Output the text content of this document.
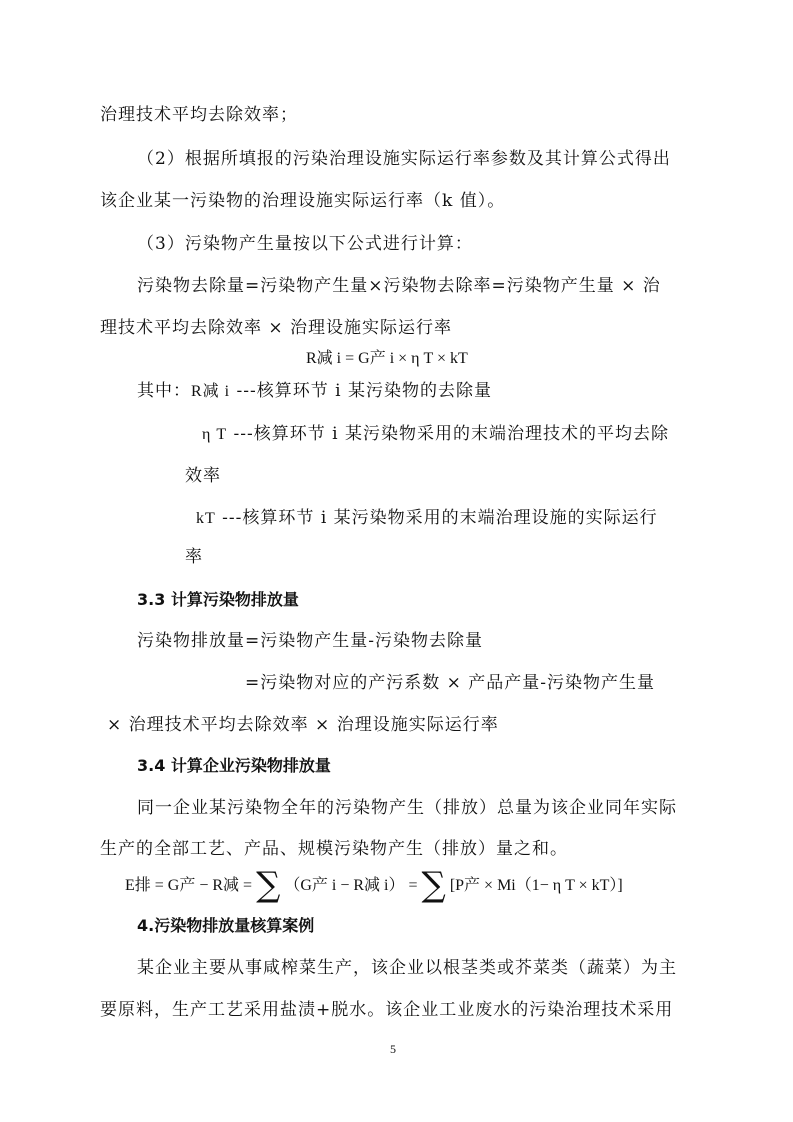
治理技术平均去除效率；
（2）根据所填报的污染治理设施实际运行率参数及其计算公式得出
该企业某一污染物的治理设施实际运行率（k 值）。
（3）污染物产生量按以下公式进行计算：
污染物去除量=污染物产生量×污染物去除率=污染物产生量 × 治
理技术平均去除效率 × 治理设施实际运行率
R减 i = G产 i × η T × kT
其中：R减 i ---核算环节 i 某污染物的去除量
η T ---核算环节 i 某污染物采用的末端治理技术的平均去除
效率
kT ---核算环节 i 某污染物采用的末端治理设施的实际运行
率
3.3 计算污染物排放量
污染物排放量=污染物产生量-污染物去除量
=污染物对应的产污系数 × 产品产量-污染物产生量
× 治理技术平均去除效率 × 治理设施实际运行率
3.4 计算企业污染物排放量
同一企业某污染物全年的污染物产生（排放）总量为该企业同年实际
生产的全部工艺、产品、规模污染物产生（排放）量之和。
E排 = G产 − R减 = ∑ （G产 i − R减 i） = ∑ [P产 × Mi（1− η T × kT）]
4.污染物排放量核算案例
某企业主要从事咸榨菜生产，该企业以根茎类或芥菜类（蔬菜）为主
要原料，生产工艺采用盐渍+脱水。该企业工业废水的污染治理技术采用
5
